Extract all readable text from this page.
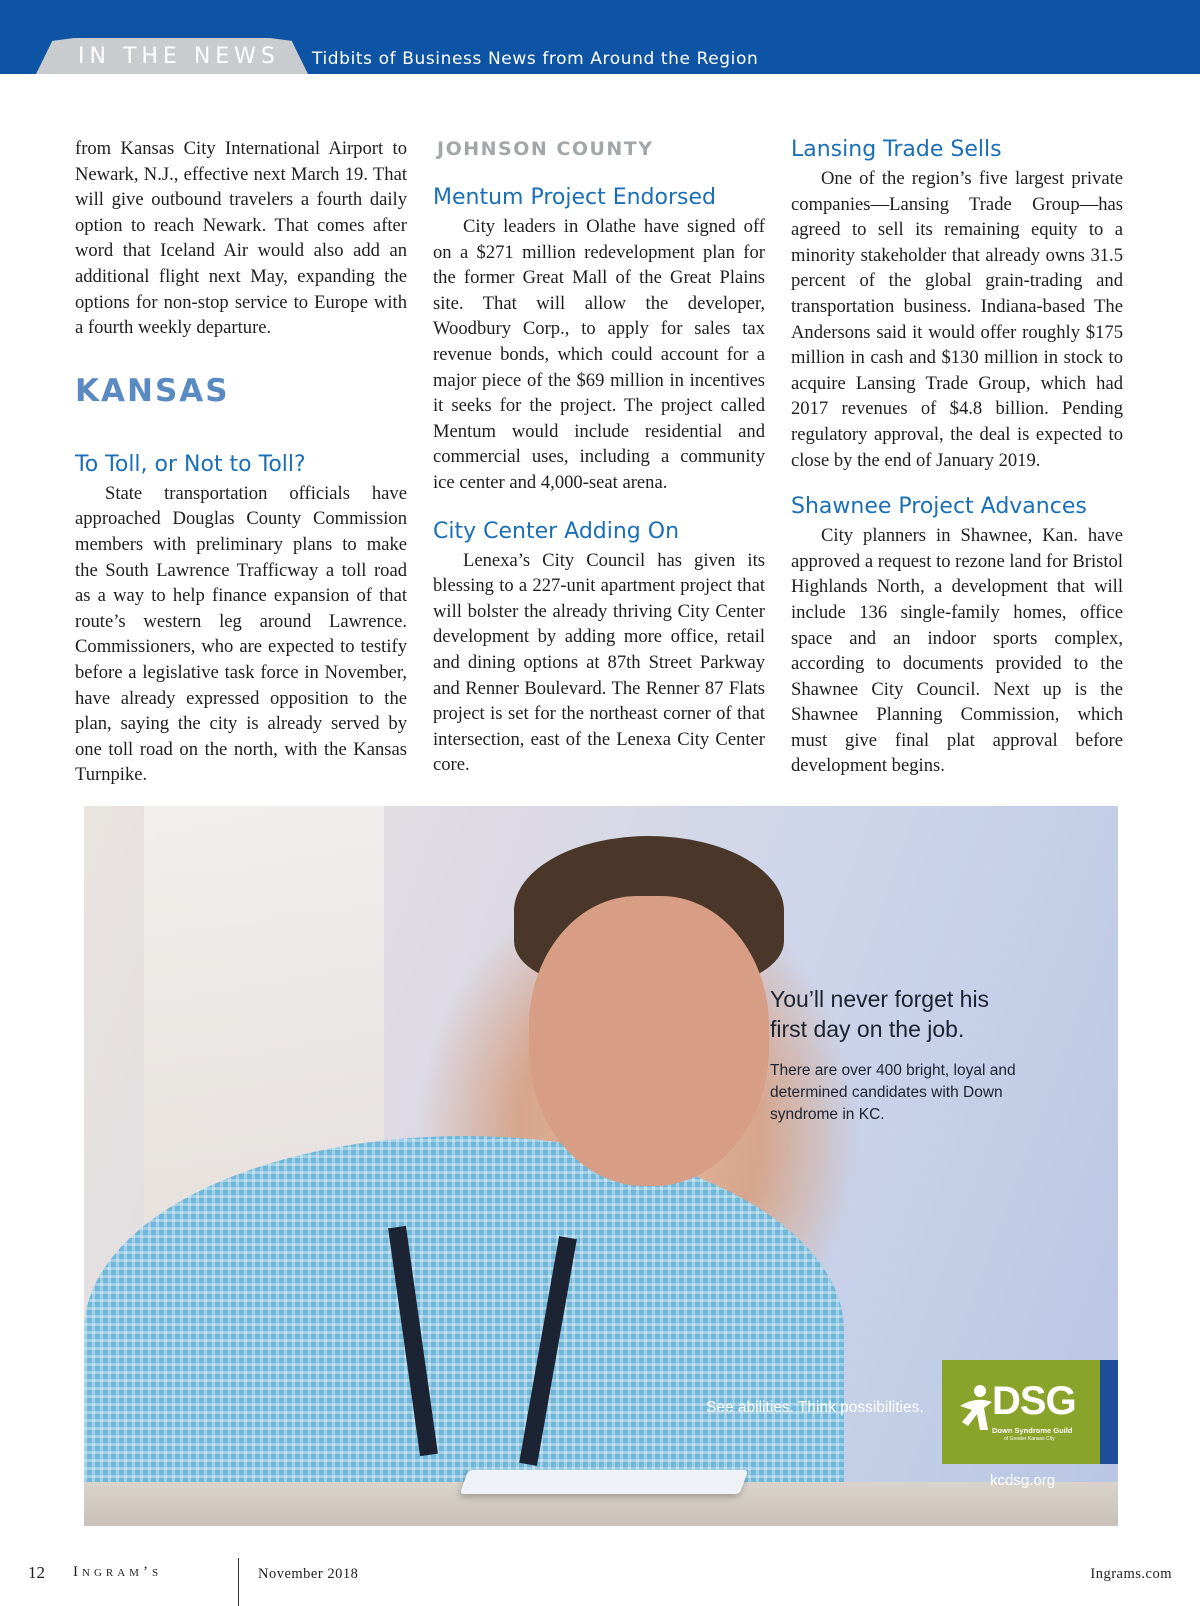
IN THE NEWS Tidbits of Business News from Around the Region

from Kansas City International Airport to Newark, N.J., effective next March 19. That will give outbound travelers a fourth daily option to reach Newark. That comes after word that Iceland Air would also add an additional flight next May, expanding the options for non-stop service to Europe with a fourth weekly departure.

KANSAS
To Toll, or Not to Toll?

State transportation officials have approached Douglas County Commission members with preliminary plans to make the South Lawrence Trafficway a toll road as a way to help finance expansion of that route’s western leg around Lawrence. Commissioners, who are expected to testify before a legislative task force in November, have already expressed opposition to the plan, saying the city is already served by one toll road on the north, with the Kansas Turnpike.

JOHNSON COUNTY
Mentum Project Endorsed

City leaders in Olathe have signed off on a $271 million redevelopment plan for the former Great Mall of the Great Plains site. That will allow the developer, Woodbury Corp., to apply for sales tax revenue bonds, which could account for a major piece of the $69 million in incentives it seeks for the project. The project called Mentum would include residential and commercial uses, including a community ice center and 4,000-seat arena.

City Center Adding On

Lenexa’s City Council has given its blessing to a 227-unit apartment project that will bolster the already thriving City Center development by adding more office, retail and dining options at 87th Street Parkway and Renner Boulevard. The Renner 87 Flats project is set for the northeast corner of that intersection, east of the Lenexa City Center core.

Lansing Trade Sells

One of the region’s five largest private companies—Lansing Trade Group—has agreed to sell its remaining equity to a minority stakeholder that already owns 31.5 percent of the global grain-trading and transportation business. Indiana-based The Andersons said it would offer roughly $175 million in cash and $130 million in stock to acquire Lansing Trade Group, which had 2017 revenues of $4.8 billion. Pending regulatory approval, the deal is expected to close by the end of January 2019.

Shawnee Project Advances

City planners in Shawnee, Kan. have approved a request to rezone land for Bristol Highlands North, a development that will include 136 single-family homes, office space and an indoor sports complex, according to documents provided to the Shawnee City Council. Next up is the Shawnee Planning Commission, which must give final plat approval before development begins.

You’ll never forget his
first day on the job.
There are over 400 bright, loyal and determined candidates with Down syndrome in KC.
See abilities. Think possibilities. DSG
Down Syndrome Guild
of Greater Kansas City
kcdsg.org
12 Ingram’s	November 2018	Ingrams.com
